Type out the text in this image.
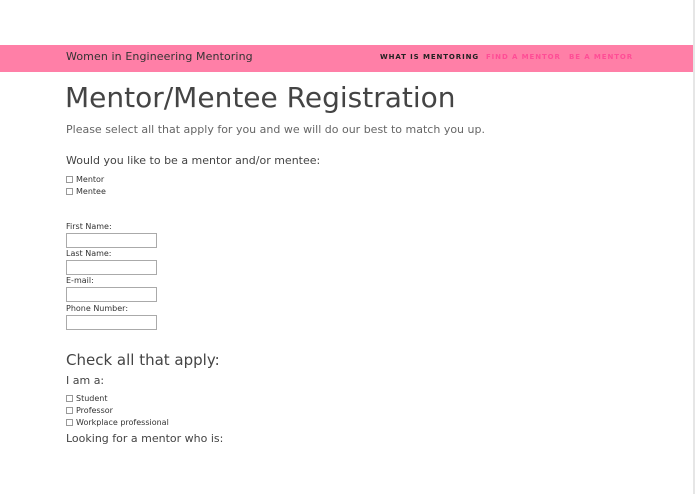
Women in Engineering Mentoring	WHAT IS MENTORING FIND A MENTOR BE A MENTOR
Mentor/Mentee Registration

Please select all that apply for you and we will do our best to match you up.

Would you like to be a mentor and/or mentee:

Mentor
Mentee
First Name:
Last Name:
E-mail:
Phone Number:
Check all that apply:

I am a:

Student
Professor
Workplace professional

Looking for a mentor who is:
